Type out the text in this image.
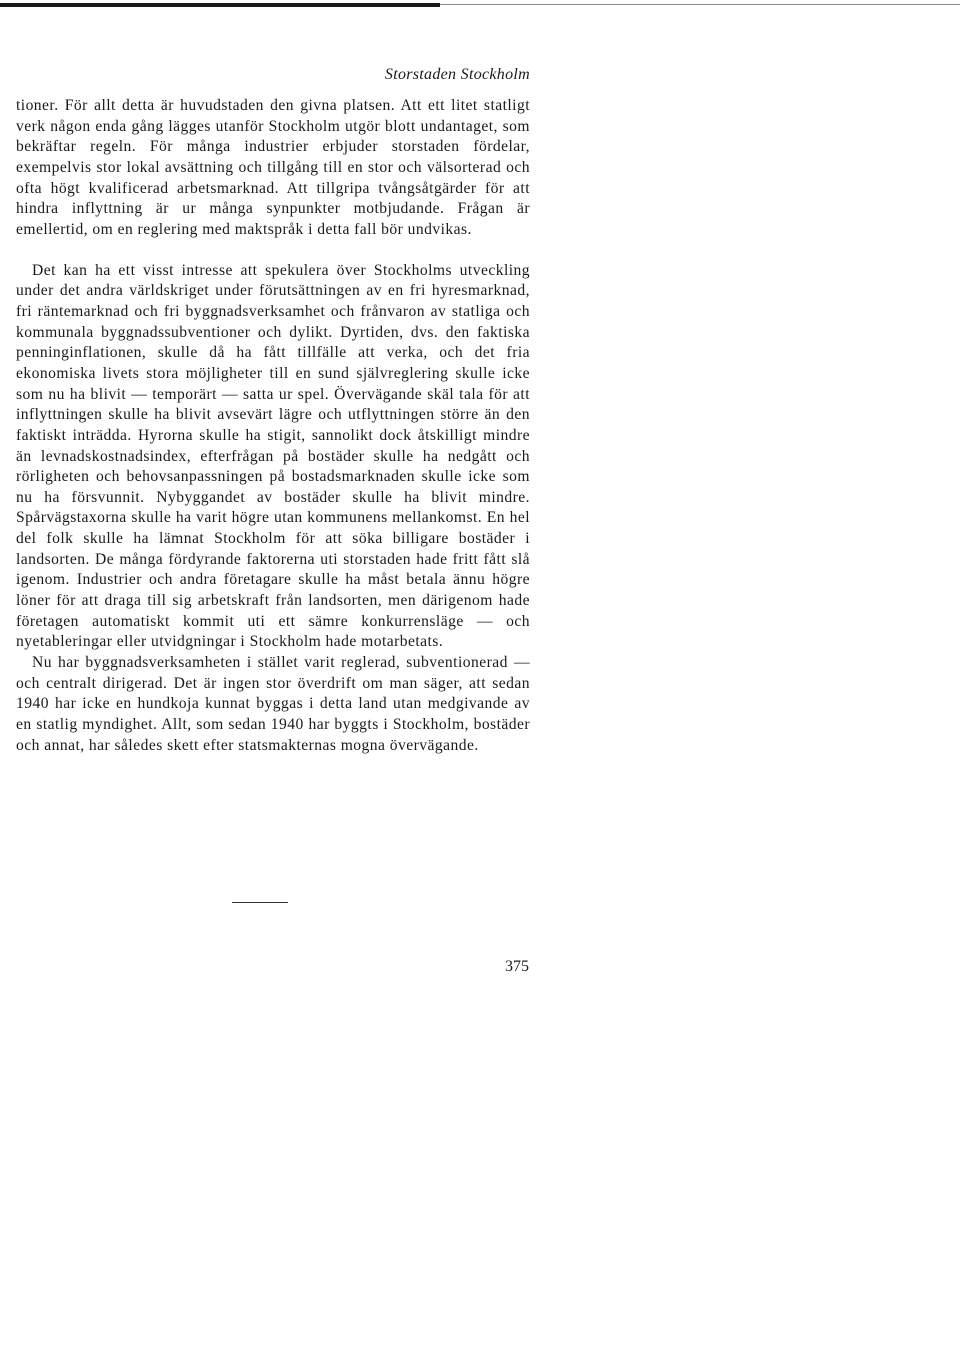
Storstaden Stockholm

tioner. För allt detta är huvudstaden den givna platsen. Att ett litet statligt verk någon enda gång lägges utanför Stockholm utgör blott undantaget, som bekräftar regeln. För många industrier erbjuder storstaden fördelar, exempelvis stor lokal avsättning och tillgång till en stor och välsorterad och ofta högt kvalificerad arbetsmarknad. Att tillgripa tvångsåtgärder för att hindra inflyttning är ur många synpunkter motbjudande. Frågan är emellertid, om en reglering med maktspråk i detta fall bör undvikas.

Det kan ha ett visst intresse att spekulera över Stockholms utveckling under det andra världskriget under förutsättningen av en fri hyresmarknad, fri räntemarknad och fri byggnadsverksamhet och frånvaron av statliga och kommunala byggnadssubventioner och dylikt. Dyrtiden, dvs. den faktiska penninginflationen, skulle då ha fått tillfälle att verka, och det fria ekonomiska livets stora möjligheter till en sund självreglering skulle icke som nu ha blivit — temporärt — satta ur spel. Övervägande skäl tala för att inflyttningen skulle ha blivit avsevärt lägre och utflyttningen större än den faktiskt inträdda. Hyrorna skulle ha stigit, sannolikt dock åtskilligt mindre än levnadskostnadsindex, efterfrågan på bostäder skulle ha nedgått och rörligheten och behovsanpassningen på bostadsmarknaden skulle icke som nu ha försvunnit. Nybyggandet av bostäder skulle ha blivit mindre. Spårvägstaxorna skulle ha varit högre utan kommunens mellankomst. En hel del folk skulle ha lämnat Stockholm för att söka billigare bostäder i landsorten. De många fördyrande faktorerna uti storstaden hade fritt fått slå igenom. Industrier och andra företagare skulle ha måst betala ännu högre löner för att draga till sig arbetskraft från landsorten, men därigenom hade företagen automatiskt kommit uti ett sämre konkurrensläge — och nyetableringar eller utvidgningar i Stockholm hade motarbetats.

Nu har byggnadsverksamheten i stället varit reglerad, subventionerad — och centralt dirigerad. Det är ingen stor överdrift om man säger, att sedan 1940 har icke en hundkoja kunnat byggas i detta land utan medgivande av en statlig myndighet. Allt, som sedan 1940 har byggts i Stockholm, bostäder och annat, har således skett efter statsmakternas mogna övervägande.

375
